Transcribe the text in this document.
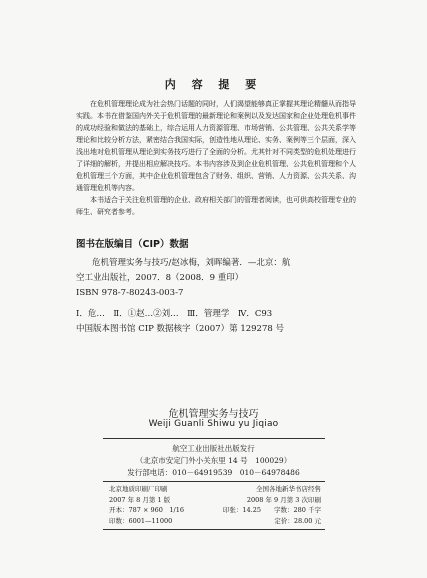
内 容 提 要

在危机管理理论成为社会热门话题的同时，人们渴望能够真正掌握其理论精髓从而指导实践。本书在借鉴国内外关于危机管理的最新理论和案例以及发达国家和企业处理危机事件的成功经验和做法的基础上，综合运用人力资源管理、市场营销、公共管理、公共关系学等理论和比较分析方法，紧密结合我国实际，创造性地从理论、实务、案例等三个层面，深入浅出地对危机管理从理论到实务技巧进行了全面的分析。尤其针对不同类型的危机处理进行了详细的解析，并提出相应解决技巧。本书内容涉及到企业危机管理、公共危机管理和个人危机管理三个方面，其中企业危机管理包含了财务、组织、营销、人力资源、公共关系、沟通管理危机等内容。

本书适合于关注危机管理的企业、政府相关部门的管理者阅读，也可供高校管理专业的师生、研究者参考。

图书在版编目（CIP）数据
危机管理实务与技巧/赵冰梅，刘晖编著．—北京：航
空工业出版社，2007．8（2008．9 重印）
ISBN 978-7-80243-003-7
Ⅰ．危…　Ⅱ．①赵…②刘…　Ⅲ．管理学　Ⅳ．C93
中国版本图书馆 CIP 数据核字（2007）第 129278 号
危机管理实务与技巧
Weiji Guanli Shiwu yu Jiqiao
航空工业出版社出版发行
（北京市安定门外小关东里 14 号　100029）
发行部电话：010－64919539　010－64978486
北京地质印刷厂印刷	全国各地新华书店经售
2007 年 8 月第 1 版	2008 年 9 月第 3 次印刷
开本：787 × 960　1/16	印张：14.25　　字数：280 千字
印数：6001—11000	定价：28.00 元
